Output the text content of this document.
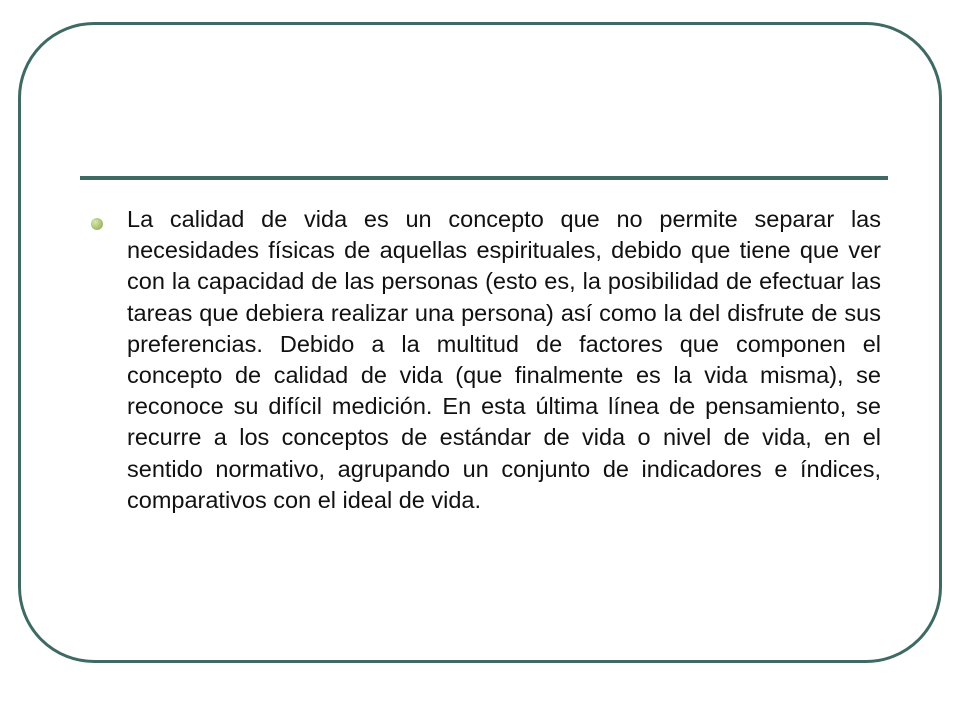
La calidad de vida es un concepto que no permite separar las necesidades físicas de aquellas espirituales, debido que tiene que ver con la capacidad de las personas (esto es, la posibilidad de efectuar las tareas que debiera realizar una persona) así como la del disfrute de sus preferencias. Debido a la multitud de factores que componen el concepto de calidad de vida (que finalmente es la vida misma), se reconoce su difícil medición. En esta última línea de pensamiento, se recurre a los conceptos de estándar de vida o nivel de vida, en el sentido normativo, agrupando un conjunto de indicadores e índices, comparativos con el ideal de vida.
